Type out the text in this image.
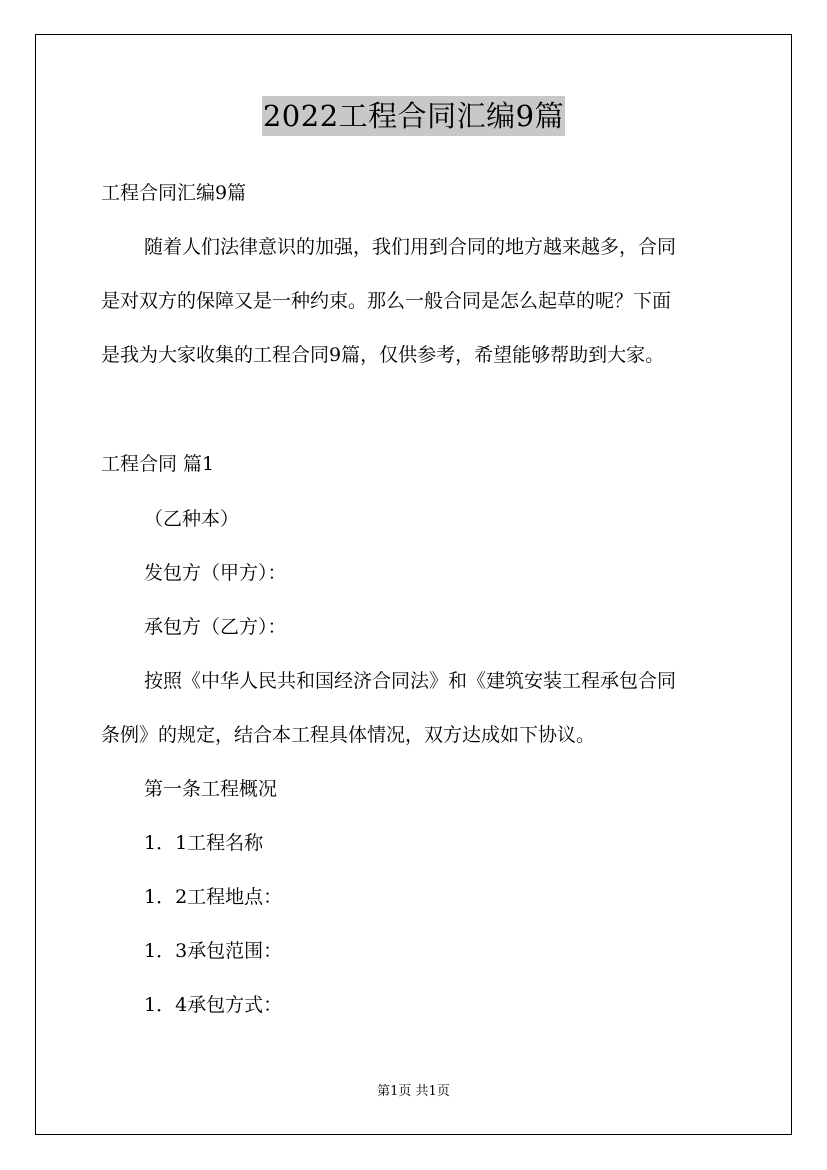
2022工程合同汇编9篇
工程合同汇编9篇
随着人们法律意识的加强，我们用到合同的地方越来越多，合同
是对双方的保障又是一种约束。那么一般合同是怎么起草的呢？下面
是我为大家收集的工程合同9篇，仅供参考，希望能够帮助到大家。
工程合同 篇1
（乙种本）
发包方（甲方）：
承包方（乙方）：
按照《中华人民共和国经济合同法》和《建筑安装工程承包合同
条例》的规定，结合本工程具体情况，双方达成如下协议。
第一条工程概况
1．1工程名称
1．2工程地点：
1．3承包范围：
1．4承包方式：
第1页 共1页
